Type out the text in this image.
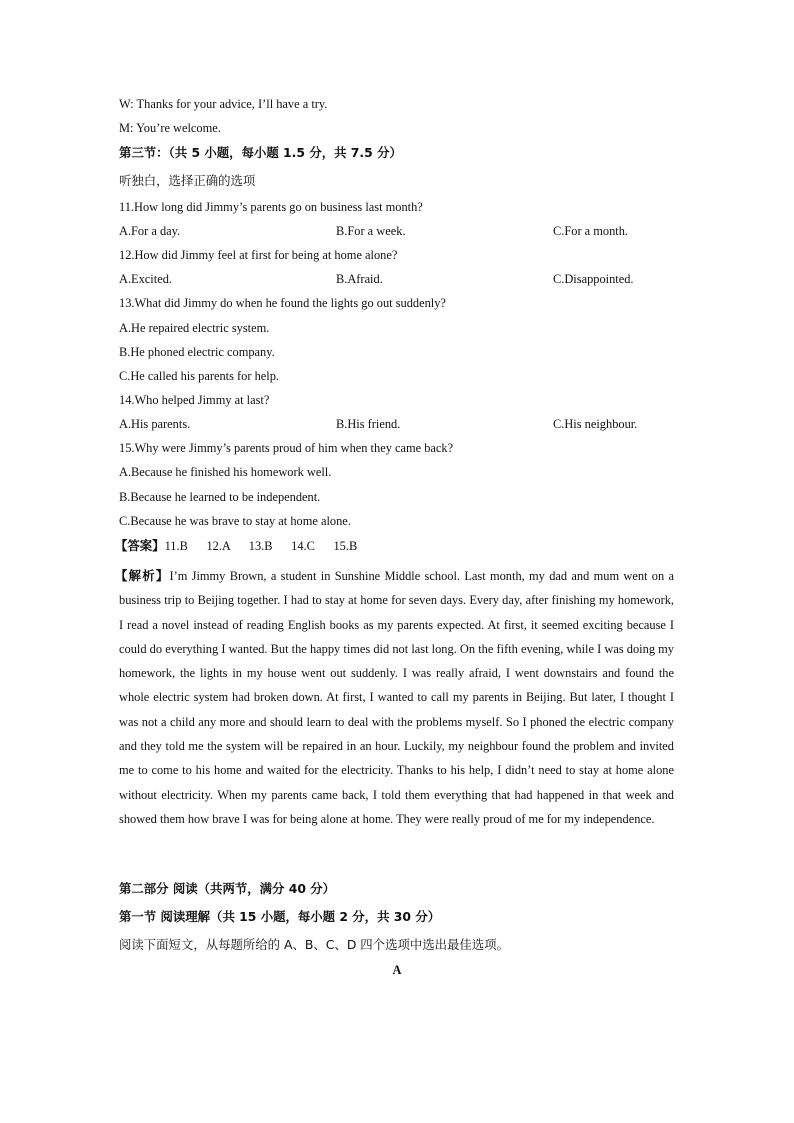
W: Thanks for your advice, I’ll have a try.
M: You’re welcome.
第三节：（共 5 小题，每小题 1.5 分，共 7.5 分）
听独白，选择正确的选项
11.How long did Jimmy’s parents go on business last month?
A.For a day.	B.For a week.	C.For a month.
12.How did Jimmy feel at first for being at home alone?
A.Excited.	B.Afraid.	C.Disappointed.
13.What did Jimmy do when he found the lights go out suddenly?
A.He repaired electric system.
B.He phoned electric company.
C.He called his parents for help.
14.Who helped Jimmy at last?
A.His parents.	B.His friend.	C.His neighbour.
15.Why were Jimmy’s parents proud of him when they came back?
A.Because he finished his homework well.
B.Because he learned to be independent.
C.Because he was brave to stay at home alone.
【答案】11.B      12.A      13.B      14.C      15.B
【解析】I’m Jimmy Brown, a student in Sunshine Middle school. Last month, my dad and mum went on a business trip to Beijing together. I had to stay at home for seven days. Every day, after finishing my homework, I read a novel instead of reading English books as my parents expected. At first, it seemed exciting because I could do everything I wanted. But the happy times did not last long. On the fifth evening, while I was doing my homework, the lights in my house went out suddenly. I was really afraid, I went downstairs and found the whole electric system had broken down. At first, I wanted to call my parents in Beijing. But later, I thought I was not a child any more and should learn to deal with the problems myself. So I phoned the electric company and they told me the system will be repaired in an hour. Luckily, my neighbour found the problem and invited me to come to his home and waited for the electricity. Thanks to his help, I didn’t need to stay at home alone without electricity. When my parents came back, I told them everything that had happened in that week and showed them how brave I was for being alone at home. They were really proud of me for my independence.
第二部分 阅读（共两节，满分 40 分）
第一节 阅读理解（共 15 小题，每小题 2 分，共 30 分）
阅读下面短文，从每题所给的 A、B、C、D 四个选项中选出最佳选项。
A
